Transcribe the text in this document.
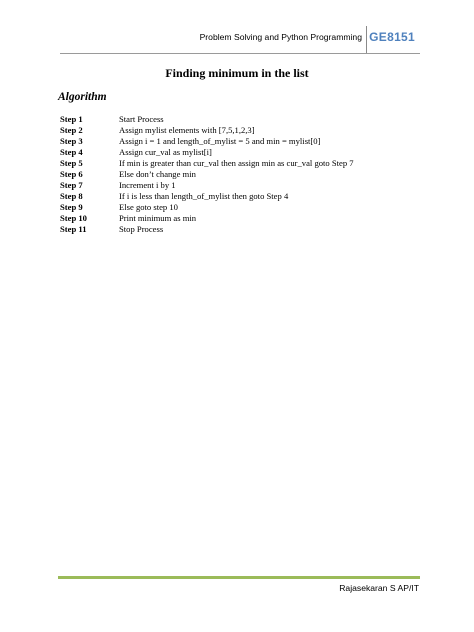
Problem Solving and Python Programming GE8151
Finding minimum in the list
Algorithm
Step 1	Start Process
Step 2	Assign mylist elements with [7,5,1,2,3]
Step 3	Assign i = 1 and length_of_mylist = 5 and min = mylist[0]
Step 4	Assign cur_val as mylist[i]
Step 5	If min is greater than cur_val then assign min as cur_val goto Step 7
Step 6	Else don’t change min
Step 7	Increment i by 1
Step 8	If i is less than length_of_mylist then goto Step 4
Step 9	Else goto step 10
Step 10	Print minimum as min
Step 11	Stop Process
Rajasekaran S AP/IT
